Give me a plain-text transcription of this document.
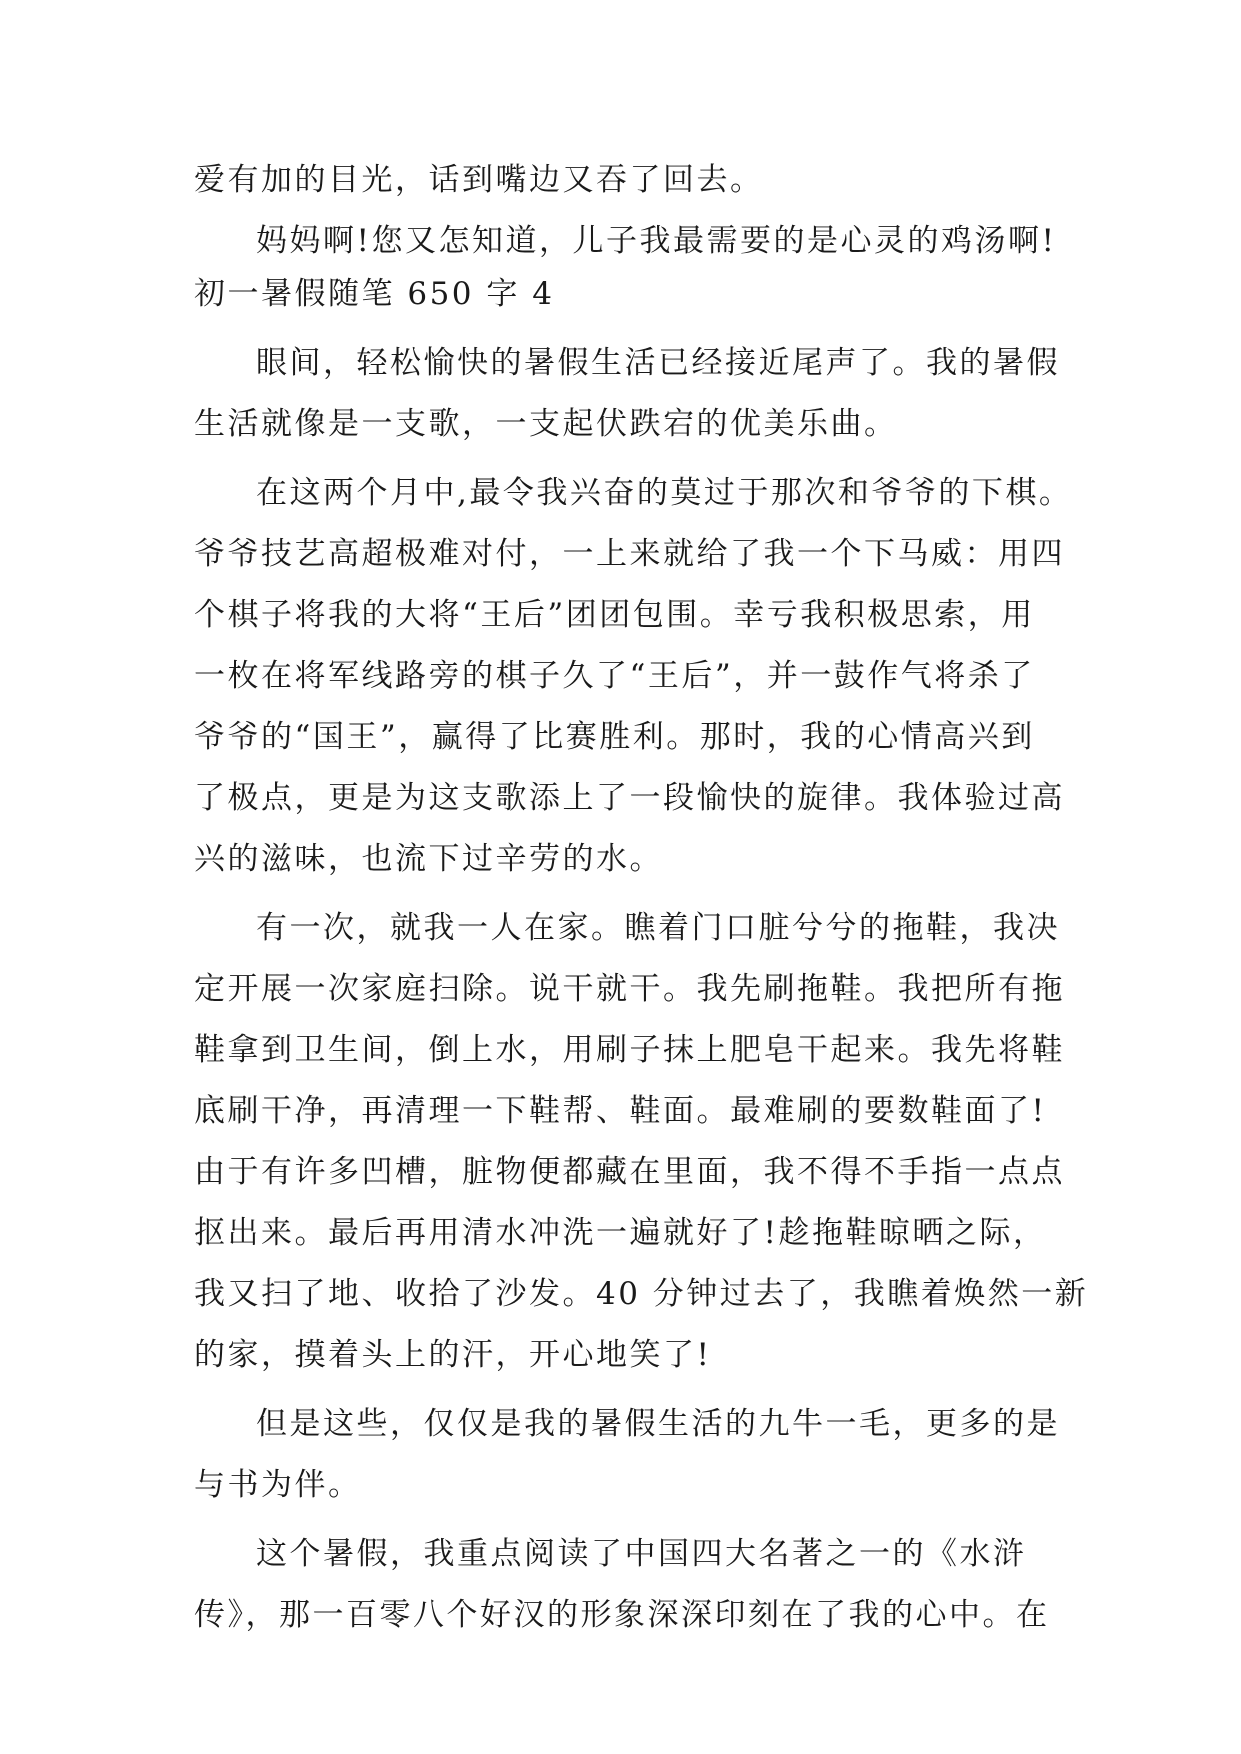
爱有加的目光，话到嘴边又吞了回去。
妈妈啊!您又怎知道，儿子我最需要的是心灵的鸡汤啊!
初一暑假随笔 650 字 4
眼间，轻松愉快的暑假生活已经接近尾声了。我的暑假
生活就像是一支歌，一支起伏跌宕的优美乐曲。
在这两个月中,最令我兴奋的莫过于那次和爷爷的下棋。
爷爷技艺高超极难对付，一上来就给了我一个下马威：用四
个棋子将我的大将“王后”团团包围。幸亏我积极思索，用
一枚在将军线路旁的棋子久了“王后”，并一鼓作气将杀了
爷爷的“国王”，赢得了比赛胜利。那时，我的心情高兴到
了极点，更是为这支歌添上了一段愉快的旋律。我体验过高
兴的滋味，也流下过辛劳的水。
有一次，就我一人在家。瞧着门口脏兮兮的拖鞋，我决
定开展一次家庭扫除。说干就干。我先刷拖鞋。我把所有拖
鞋拿到卫生间，倒上水，用刷子抹上肥皂干起来。我先将鞋
底刷干净，再清理一下鞋帮、鞋面。最难刷的要数鞋面了!
由于有许多凹槽，脏物便都藏在里面，我不得不手指一点点
抠出来。最后再用清水冲洗一遍就好了!趁拖鞋晾晒之际，
我又扫了地、收拾了沙发。40 分钟过去了，我瞧着焕然一新
的家，摸着头上的汗，开心地笑了!
但是这些，仅仅是我的暑假生活的九牛一毛，更多的是
与书为伴。
这个暑假，我重点阅读了中国四大名著之一的《水浒
传》，那一百零八个好汉的形象深深印刻在了我的心中。在
